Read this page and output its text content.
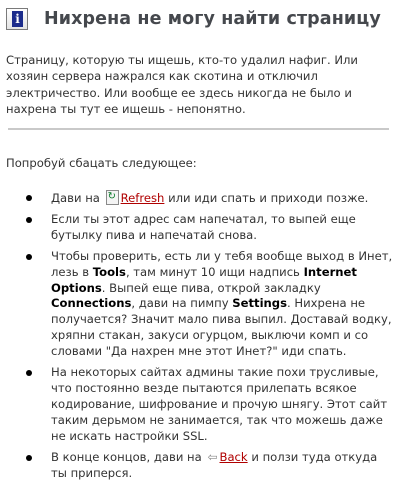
i Нихрена не могу найти страницу
Страницу, которую ты ищешь, кто-то удалил нафиг. Или хозяин сервера нажрался как скотина и отключил электричество. Или вообще ее здесь никогда не было и нахрена ты тут ее ищешь - непонятно.
Попробуй сбацать следующее:
Дави на ↻ Refresh или иди спать и приходи позже.
Если ты этот адрес сам напечатал, то выпей еще бутылку пива и напечатай снова.
Чтобы проверить, есть ли у тебя вообще выход в Инет, лезь в Tools, там минут 10 ищи надпись Internet Options. Выпей еще пива, открой закладку Connections, дави на пимпу Settings. Нихрена не получается? Значит мало пива выпил. Доставай водку, хряпни стакан, закуси огурцом, выключи комп и со словами "Да нахрен мне этот Инет?" иди спать.
На некоторых сайтах админы такие похи трусливые, что постоянно везде пытаются прилепать всякое кодирование, шифрование и прочую шнягу. Этот сайт таким дерьмом не занимается, так что можешь даже не искать настройки SSL.
В конце концов, дави на ⇦ Back и ползи туда откуда ты приперся.
